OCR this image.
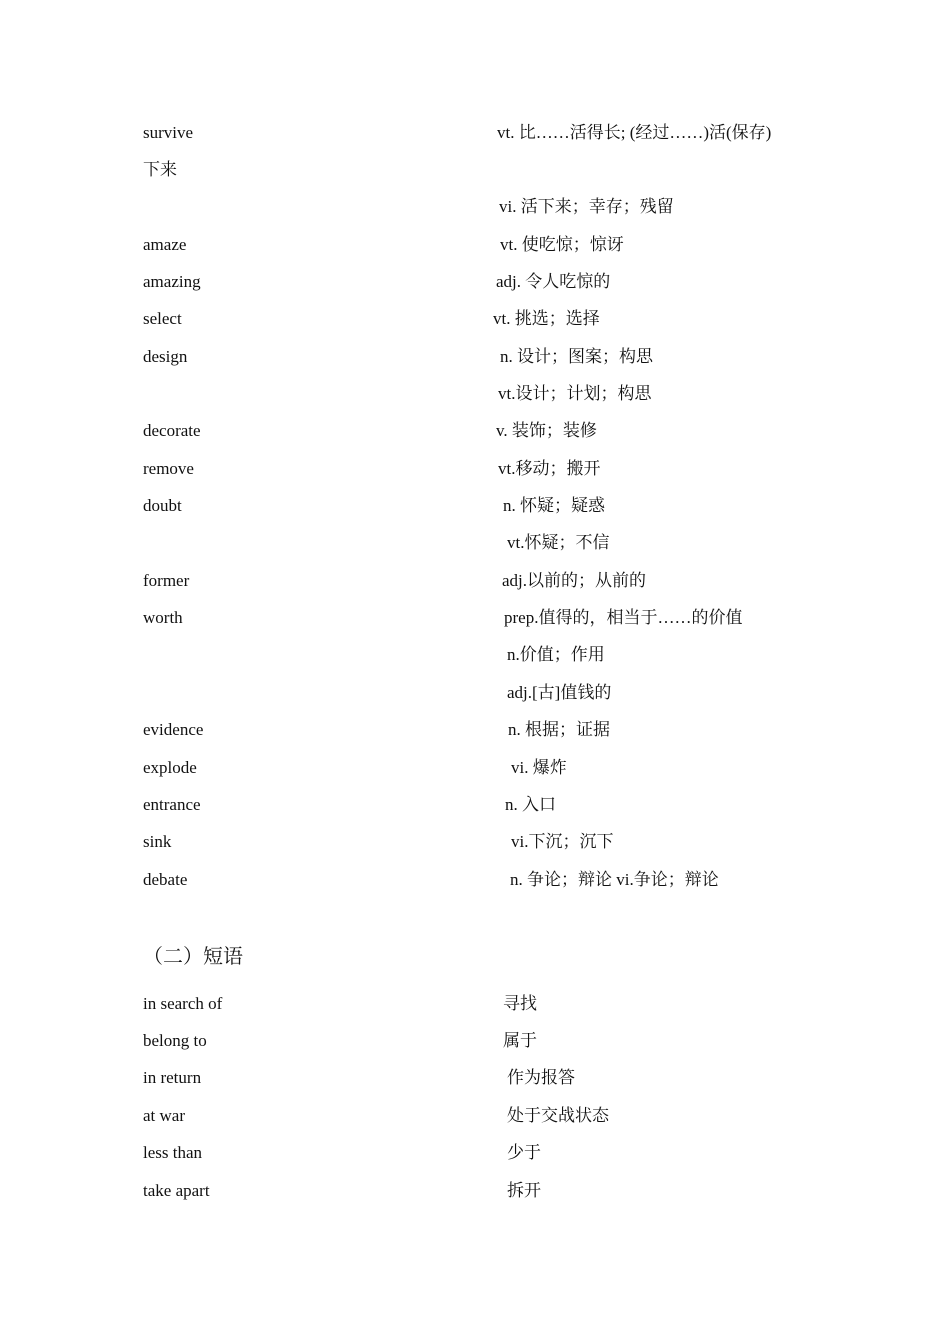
survive	vt. 比……活得长; (经过……)活(保存)
下来
vi. 活下来；幸存；残留
amaze	vt. 使吃惊；惊讶
amazing	adj. 令人吃惊的
select	vt. 挑选；选择
design	n. 设计；图案；构思
vt.设计；计划；构思
decorate	v. 装饰；装修
remove	vt.移动；搬开
doubt	n. 怀疑；疑惑
vt.怀疑；不信
former	adj.以前的；从前的
worth	prep.值得的，相当于……的价值
n.价值；作用
adj.[古]值钱的
evidence	n. 根据；证据
explode	vi. 爆炸
entrance	n. 入口
sink	vi.下沉；沉下
debate	n. 争论；辩论 vi.争论；辩论
（二）短语
in search of	寻找
belong to	属于
in return	作为报答
at war	处于交战状态
less than	少于
take apart	拆开
